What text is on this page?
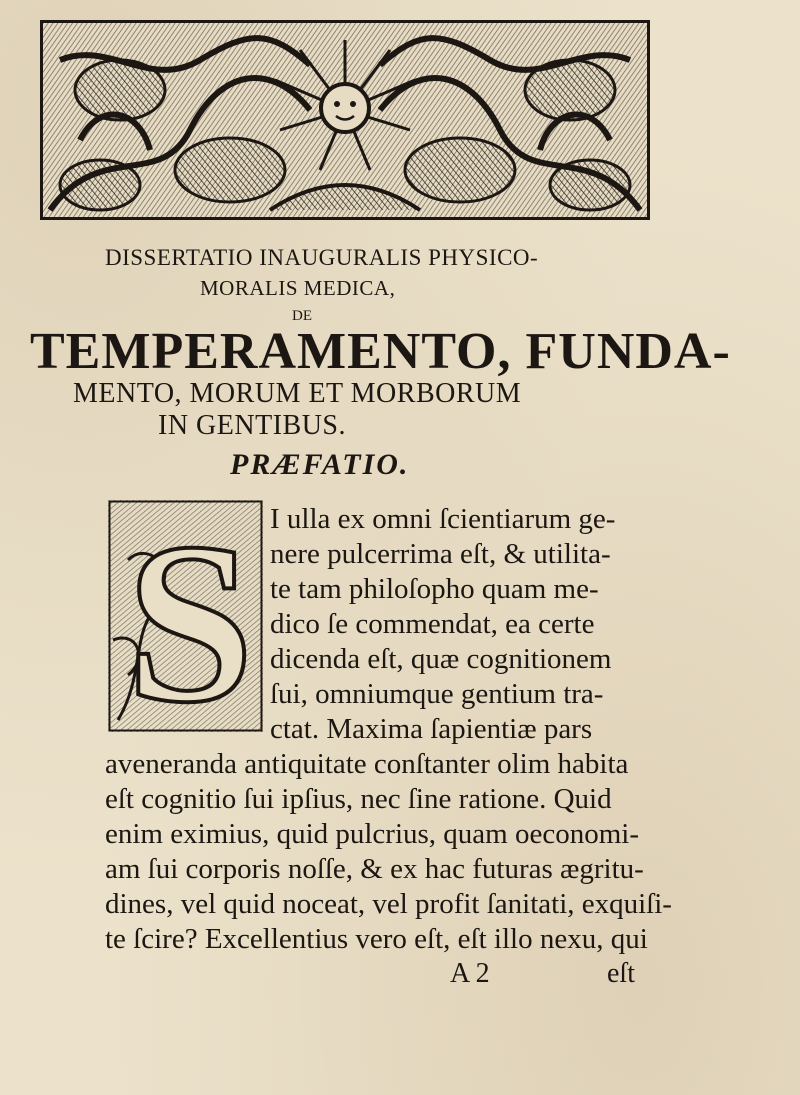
DISSERTATIO INAUGURALIS PHYSICO-
MORALIS MEDICA,
DE
TEMPERAMENTO, FUNDA-
MENTO, MORUM ET MORBORUM
IN GENTIBUS.
PRÆFATIO.
S I ulla ex omni ſcientiarum ge-
nere pulcerrima eſt, & utilita-
te tam philoſopho quam me-
dico ſe commendat, ea certe
dicenda eſt, quæ cognitionem
ſui, omniumque gentium tra-
ctat. Maxima ſapientiæ pars
aveneranda antiquitate conſtanter olim habita
eſt cognitio ſui ipſius, nec ſine ratione. Quid
enim eximius, quid pulcrius, quam oeconomi-
am ſui corporis noſſe, & ex hac futuras ægritu-
dines, vel quid noceat, vel profit ſanitati, exquiſi-
te ſcire? Excellentius vero eſt, eſt illo nexu, qui
A 2	eſt
